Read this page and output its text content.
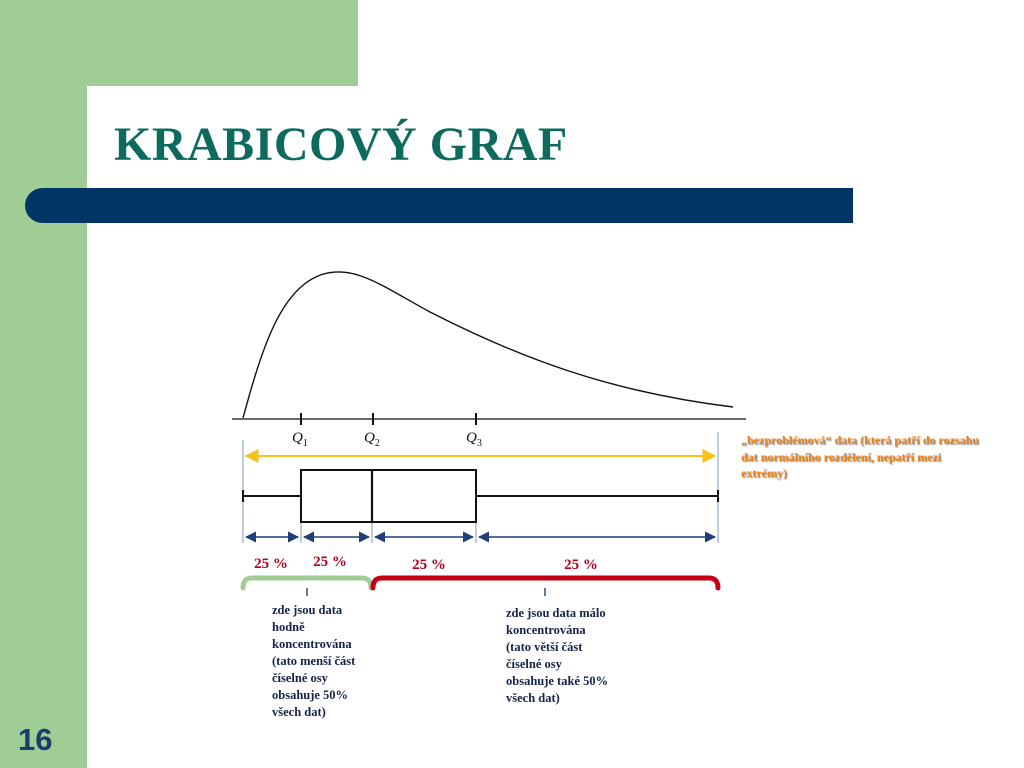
KRABICOVÝ GRAF
16
$Q_1$	$Q_2$	$Q_3$
25 % 25 %	25 %	25 %
„bezproblémová“ data (která patří do rozsahu dat normálního rozdělení, nepatří mezi extrémy)
zde jsou data
hodně
koncentrována
(tato menší část
číselné osy
obsahuje 50%
všech dat)
zde jsou data málo
koncentrována
(tato větší část
číselné osy
obsahuje také 50%
všech dat)
